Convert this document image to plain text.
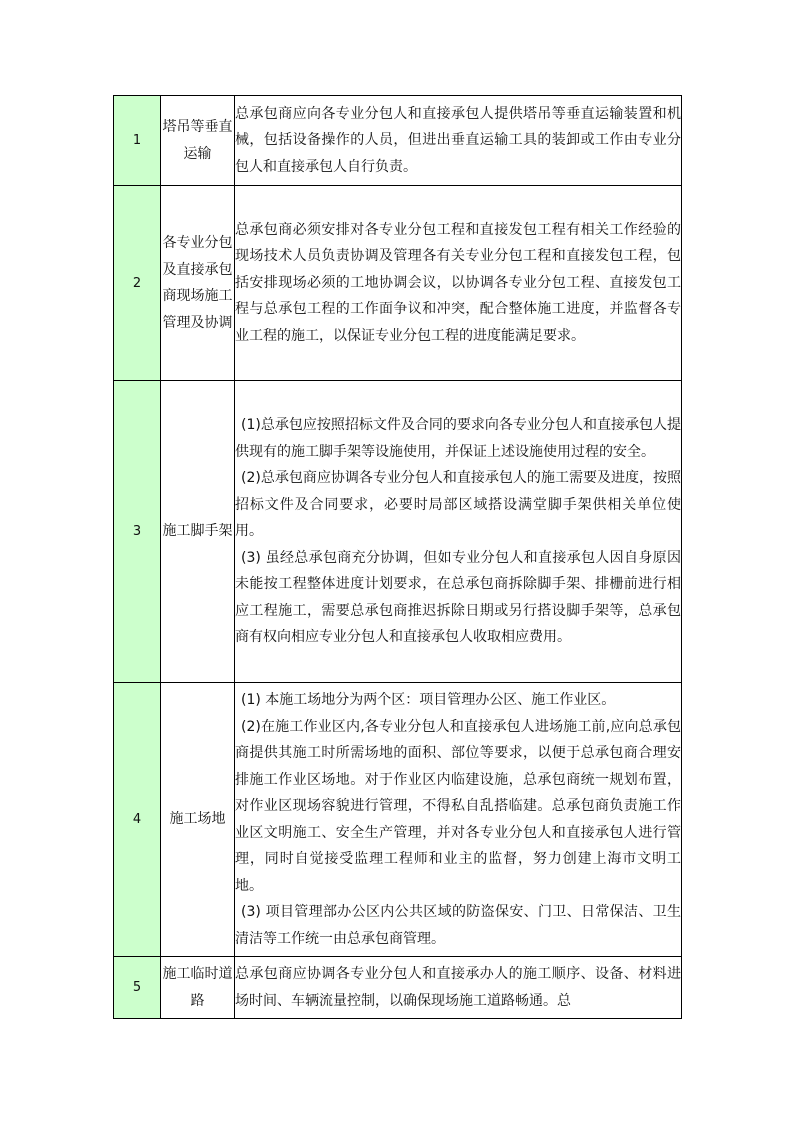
1	塔吊等垂直运输	总承包商应向各专业分包人和直接承包人提供塔吊等垂直运输装置和机械，包括设备操作的人员，但进出垂直运输工具的装卸或工作由专业分包人和直接承包人自行负责。

2	各专业分包及直接承包商现场施工管理及协调	总承包商必须安排对各专业分包工程和直接发包工程有相关工作经验的现场技术人员负责协调及管理各有关专业分包工程和直接发包工程，包括安排现场必须的工地协调会议，以协调各专业分包工程、直接发包工程与总承包工程的工作面争议和冲突，配合整体施工进度，并监督各专业工程的施工，以保证专业分包工程的进度能满足要求。

3	施工脚手架	(1)总承包应按照招标文件及合同的要求向各专业分包人和直接承包人提供现有的施工脚手架等设施使用，并保证上述设施使用过程的安全。

(2)总承包商应协调各专业分包人和直接承包人的施工需要及进度，按照招标文件及合同要求，必要时局部区域搭设满堂脚手架供相关单位使用。

(3) 虽经总承包商充分协调，但如专业分包人和直接承包人因自身原因未能按工程整体进度计划要求，在总承包商拆除脚手架、排栅前进行相应工程施工，需要总承包商推迟拆除日期或另行搭设脚手架等，总承包商有权向相应专业分包人和直接承包人收取相应费用。

4	施工场地	(1) 本施工场地分为两个区：项目管理办公区、施工作业区。

(2)在施工作业区内,各专业分包人和直接承包人进场施工前,应向总承包商提供其施工时所需场地的面积、部位等要求，以便于总承包商合理安排施工作业区场地。对于作业区内临建设施，总承包商统一规划布置，对作业区现场容貌进行管理，不得私自乱搭临建。总承包商负责施工作业区文明施工、安全生产管理，并对各专业分包人和直接承包人进行管理，同时自觉接受监理工程师和业主的监督，努力创建上海市文明工地。

(3) 项目管理部办公区内公共区域的防盗保安、门卫、日常保洁、卫生清洁等工作统一由总承包商管理。

5	施工临时道路	总承包商应协调各专业分包人和直接承办人的施工顺序、设备、材料进场时间、车辆流量控制，以确保现场施工道路畅通。总
